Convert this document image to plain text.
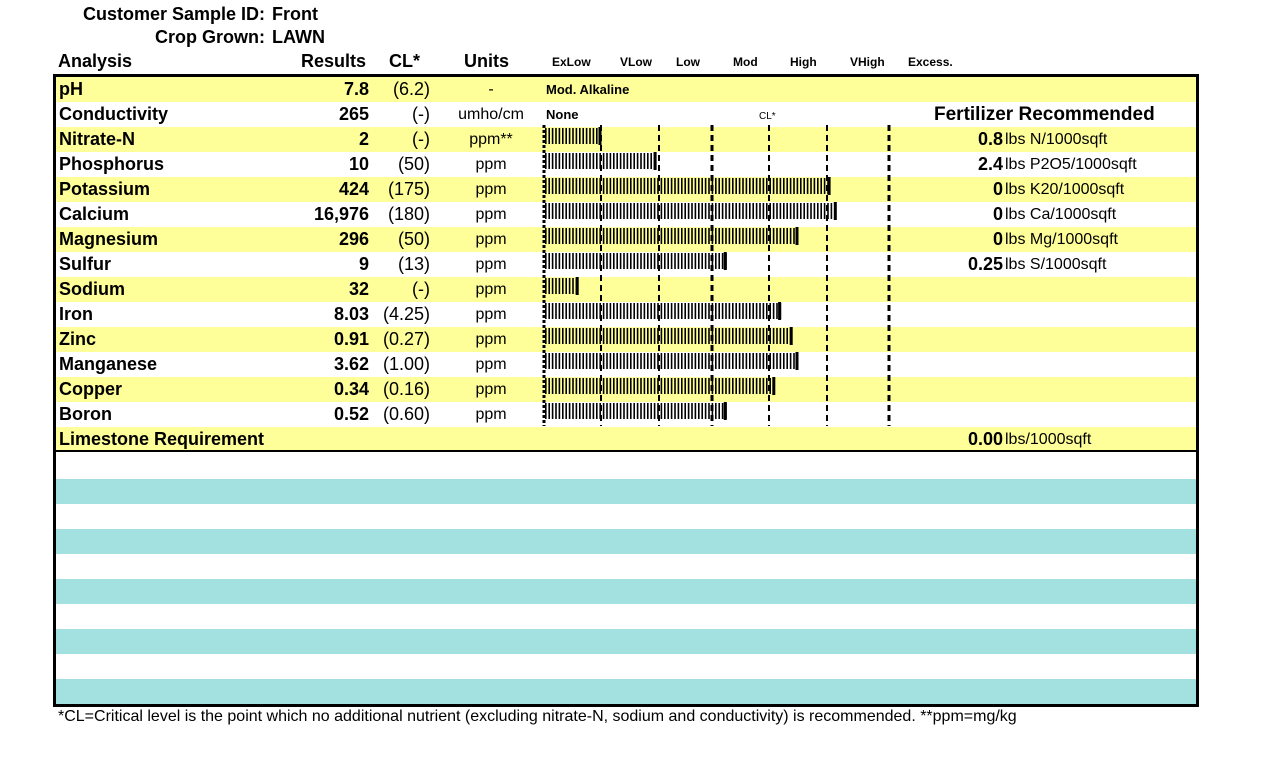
Customer Sample ID: Front
Crop Grown: LAWN
Analysis	Results CL* Units	ExLow VLow Low	Mod	High	VHigh Excess.
pH	7.8 (6.2)	-	Mod. Alkaline
Conductivity	265 (-)	umho/cm	None	CL*	Fertilizer Recommended
Nitrate-N	2 (-)	ppm**	0.8 lbs N/1000sqft
Phosphorus	10 (50)	ppm	2.4 lbs P2O5/1000sqft
Potassium	424 (175)	ppm	0 lbs K20/1000sqft
Calcium	16,976 (180)	ppm	0 lbs Ca/1000sqft
Magnesium	296 (50)	ppm	0 lbs Mg/1000sqft
Sulfur	9 (13)	ppm	0.25 lbs S/1000sqft
Sodium	32 (-)	ppm
Iron	8.03 (4.25)	ppm
Zinc	0.91 (0.27)	ppm
Manganese	3.62 (1.00)	ppm
Copper	0.34 (0.16)	ppm
Boron	0.52 (0.60)	ppm
Limestone Requirement	0.00 lbs/1000sqft
*CL=Critical level is the point which no additional nutrient (excluding nitrate-N, sodium and conductivity) is recommended. **ppm=mg/kg
